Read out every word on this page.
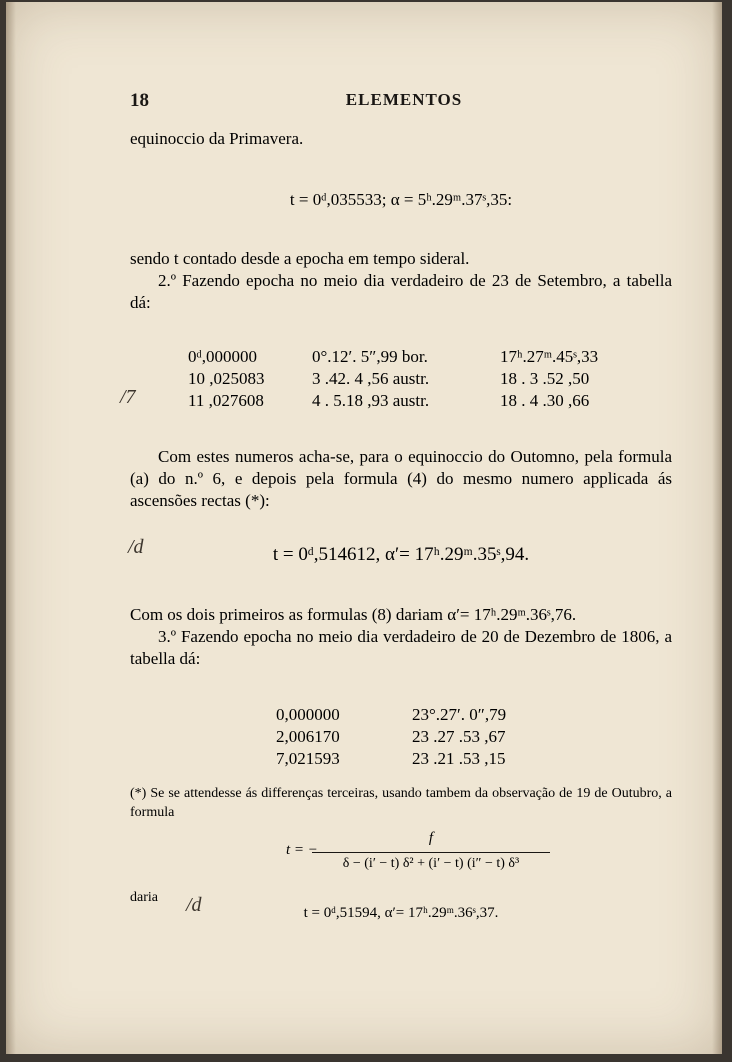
18	ELEMENTOS
equinoccio da Primavera.
t = 0ᵈ,035533; α = 5ʰ.29ᵐ.37ˢ,35:
sendo t contado desde a epocha em tempo sideral.
2.º Fazendo epocha no meio dia verdadeiro de 23 de Setembro, a tabella dá:
0ᵈ,000000	0°.12′. 5″,99 bor.	17ʰ.27ᵐ.45ˢ,33
10 ,025083	3 .42. 4 ,56 austr.	18 . 3 .52 ,50
11 ,027608	4 . 5.18 ,93 austr.	18 . 4 .30 ,66
/7
Com estes numeros acha-se, para o equinoccio do Outomno, pela formula (a) do n.º 6, e depois pela formula (4) do mesmo numero applicada ás ascensões rectas (*):
/d	t = 0ᵈ,514612, α′= 17ʰ.29ᵐ.35ˢ,94.
Com os dois primeiros as formulas (8) dariam α′= 17ʰ.29ᵐ.36ˢ,76.
3.º Fazendo epocha no meio dia verdadeiro de 20 de Dezembro de 1806, a tabella dá:
0,000000	23°.27′. 0″,79
2,006170	23 .27 .53 ,67
7,021593	23 .21 .53 ,15
(*) Se se attendesse ás differenças terceiras, usando tambem da observação de 19 de Outubro, a formula
t = −
f
δ − (i′ − t) δ² + (i′ − t) (i″ − t) δ³
daria	/d	t = 0ᵈ,51594, α′= 17ʰ.29ᵐ.36ˢ,37.
